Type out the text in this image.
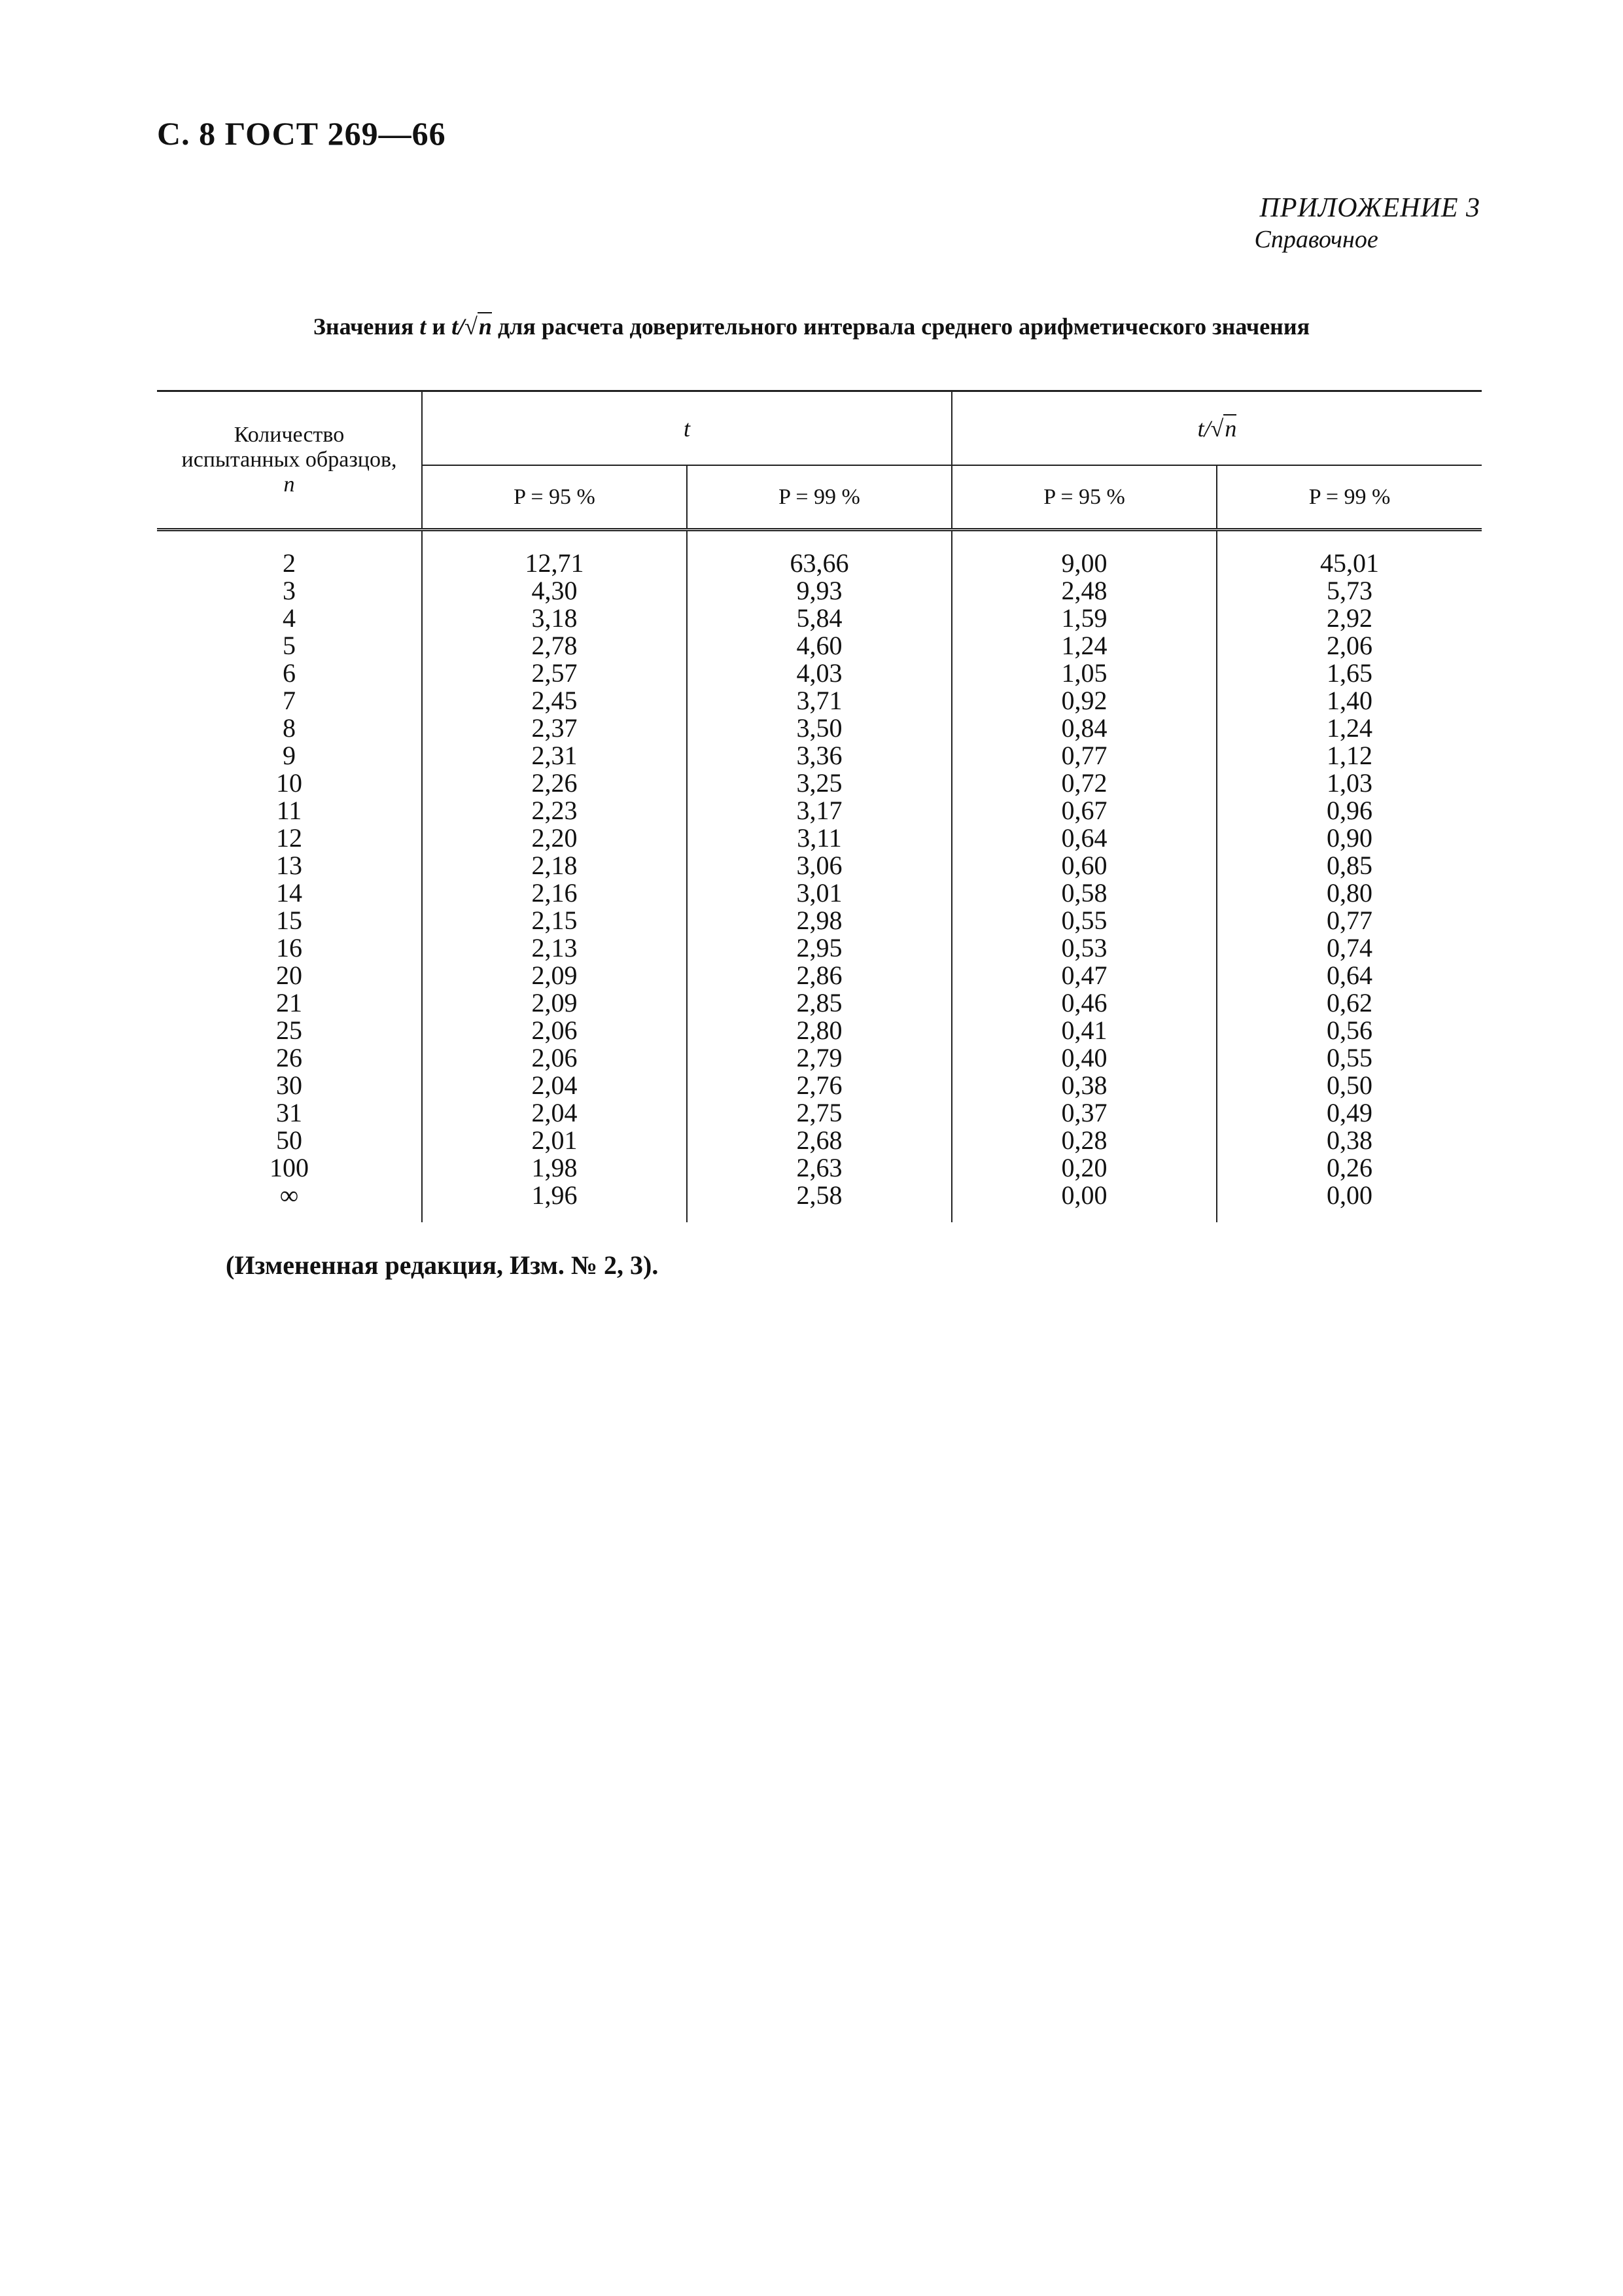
С. 8 ГОСТ 269—66
ПРИЛОЖЕНИЕ 3
Справочное
Значения t и t/√n для расчета доверительного интервала среднего арифметического значения
Количество
испытанных образцов,
n	t		t/√n	
	P = 95 %	P = 99 %	P = 95 %	P = 99 %
2	12,71	63,66	9,00	45,01
3	4,30	9,93	2,48	5,73
4	3,18	5,84	1,59	2,92
5	2,78	4,60	1,24	2,06
6	2,57	4,03	1,05	1,65
7	2,45	3,71	0,92	1,40
8	2,37	3,50	0,84	1,24
9	2,31	3,36	0,77	1,12
10	2,26	3,25	0,72	1,03
11	2,23	3,17	0,67	0,96
12	2,20	3,11	0,64	0,90
13	2,18	3,06	0,60	0,85
14	2,16	3,01	0,58	0,80
15	2,15	2,98	0,55	0,77
16	2,13	2,95	0,53	0,74
20	2,09	2,86	0,47	0,64
21	2,09	2,85	0,46	0,62
25	2,06	2,80	0,41	0,56
26	2,06	2,79	0,40	0,55
30	2,04	2,76	0,38	0,50
31	2,04	2,75	0,37	0,49
50	2,01	2,68	0,28	0,38
100	1,98	2,63	0,20	0,26
∞	1,96	2,58	0,00	0,00
(Измененная редакция, Изм. № 2, 3).
